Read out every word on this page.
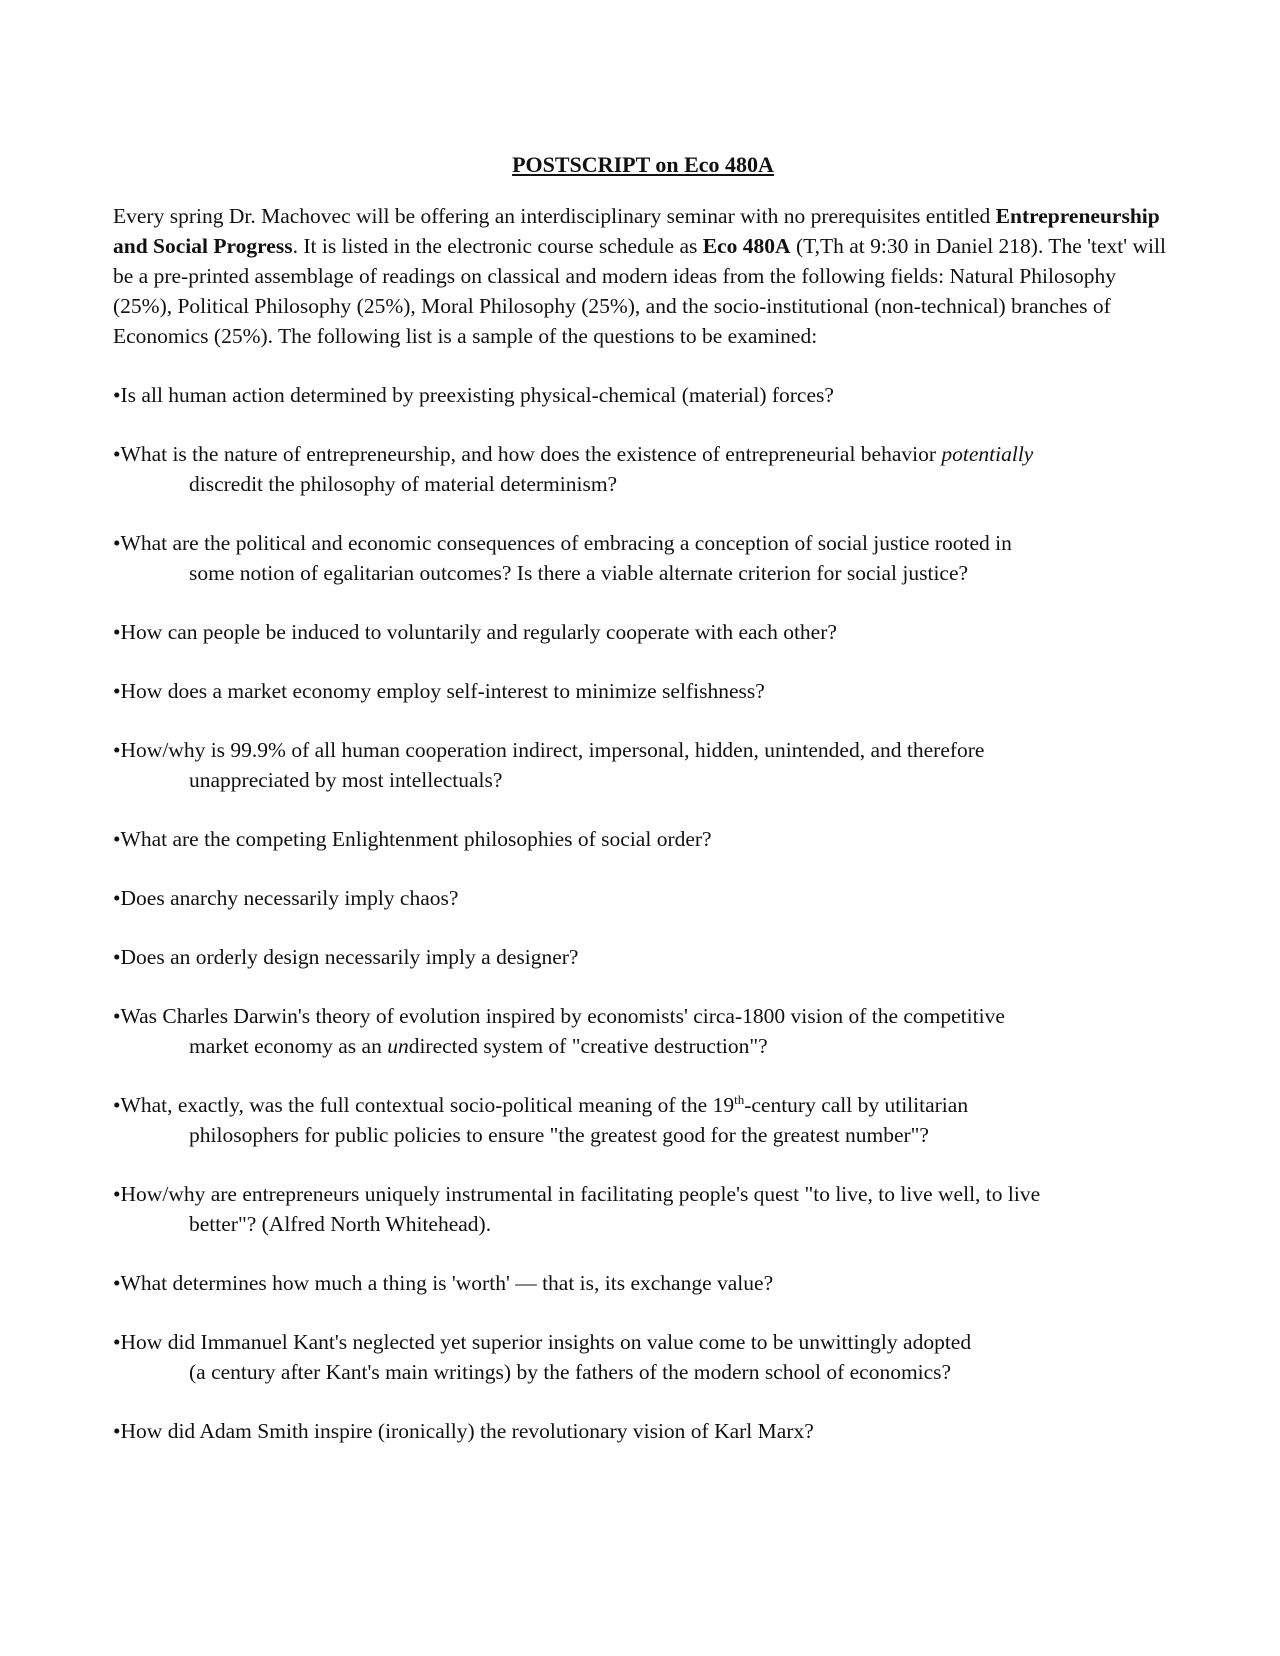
POSTSCRIPT on Eco 480A

Every spring Dr. Machovec will be offering an interdisciplinary seminar with no prerequisites entitled Entrepreneurship and Social Progress. It is listed in the electronic course schedule as Eco 480A (T,Th at 9:30 in Daniel 218). The 'text' will be a pre-printed assemblage of readings on classical and modern ideas from the following fields: Natural Philosophy (25%), Political Philosophy (25%), Moral Philosophy (25%), and the socio-institutional (non-technical) branches of Economics (25%). The following list is a sample of the questions to be examined:

•Is all human action determined by preexisting physical-chemical (material) forces?
•What is the nature of entrepreneurship, and how does the existence of entrepreneurial behavior potentially
discredit the philosophy of material determinism?
•What are the political and economic consequences of embracing a conception of social justice rooted in
some notion of egalitarian outcomes? Is there a viable alternate criterion for social justice?
•How can people be induced to voluntarily and regularly cooperate with each other?
•How does a market economy employ self-interest to minimize selfishness?
•How/why is 99.9% of all human cooperation indirect, impersonal, hidden, unintended, and therefore
unappreciated by most intellectuals?
•What are the competing Enlightenment philosophies of social order?
•Does anarchy necessarily imply chaos?
•Does an orderly design necessarily imply a designer?
•Was Charles Darwin's theory of evolution inspired by economists' circa-1800 vision of the competitive
market economy as an undirected system of "creative destruction"?
•What, exactly, was the full contextual socio-political meaning of the 19th-century call by utilitarian
philosophers for public policies to ensure "the greatest good for the greatest number"?
•How/why are entrepreneurs uniquely instrumental in facilitating people's quest "to live, to live well, to live
better"? (Alfred North Whitehead).
•What determines how much a thing is 'worth' — that is, its exchange value?
•How did Immanuel Kant's neglected yet superior insights on value come to be unwittingly adopted
(a century after Kant's main writings) by the fathers of the modern school of economics?
•How did Adam Smith inspire (ironically) the revolutionary vision of Karl Marx?
